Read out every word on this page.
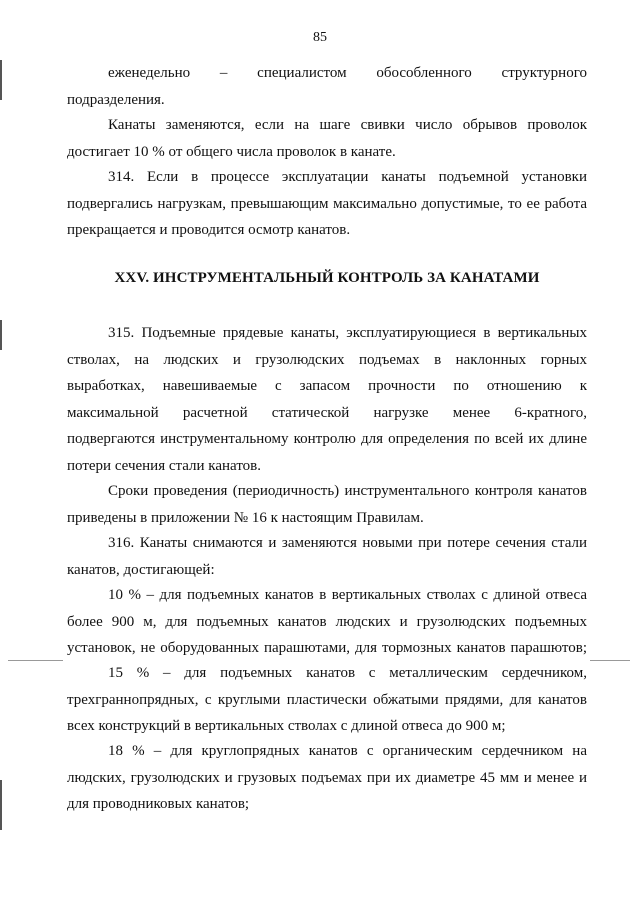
85
еженедельно – специалистом обособленного структурного
подразделения.
Канаты заменяются, если на шаге свивки число обрывов проволок
достигает 10 % от общего числа проволок в канате.
314. Если в процессе эксплуатации канаты подъемной установки
подвергались нагрузкам, превышающим максимально допустимые, то ее работа
прекращается и проводится осмотр канатов.
XXV. ИНСТРУМЕНТАЛЬНЫЙ КОНТРОЛЬ ЗА КАНАТАМИ
315. Подъемные прядевые канаты, эксплуатирующиеся в вертикальных
стволах, на людских и грузолюдских подъемах в наклонных горных
выработках, навешиваемые с запасом прочности по отношению к
максимальной расчетной статической нагрузке менее 6-кратного,
подвергаются инструментальному контролю для определения по всей их длине
потери сечения стали канатов.
Сроки проведения (периодичность) инструментального контроля канатов
приведены в приложении № 16 к настоящим Правилам.
316. Канаты снимаются и заменяются новыми при потере сечения стали
канатов, достигающей:
10 % – для подъемных канатов в вертикальных стволах с длиной отвеса
более 900 м, для подъемных канатов людских и грузолюдских подъемных
установок, не оборудованных парашютами, для тормозных канатов парашютов;
15 % – для подъемных канатов с металлическим сердечником,
трехграннопрядных, с круглыми пластически обжатыми прядями, для канатов
всех конструкций в вертикальных стволах с длиной отвеса до 900 м;
18 % – для круглопрядных канатов с органическим сердечником на
людских, грузолюдских и грузовых подъемах при их диаметре 45 мм и менее и
для проводниковых канатов;
